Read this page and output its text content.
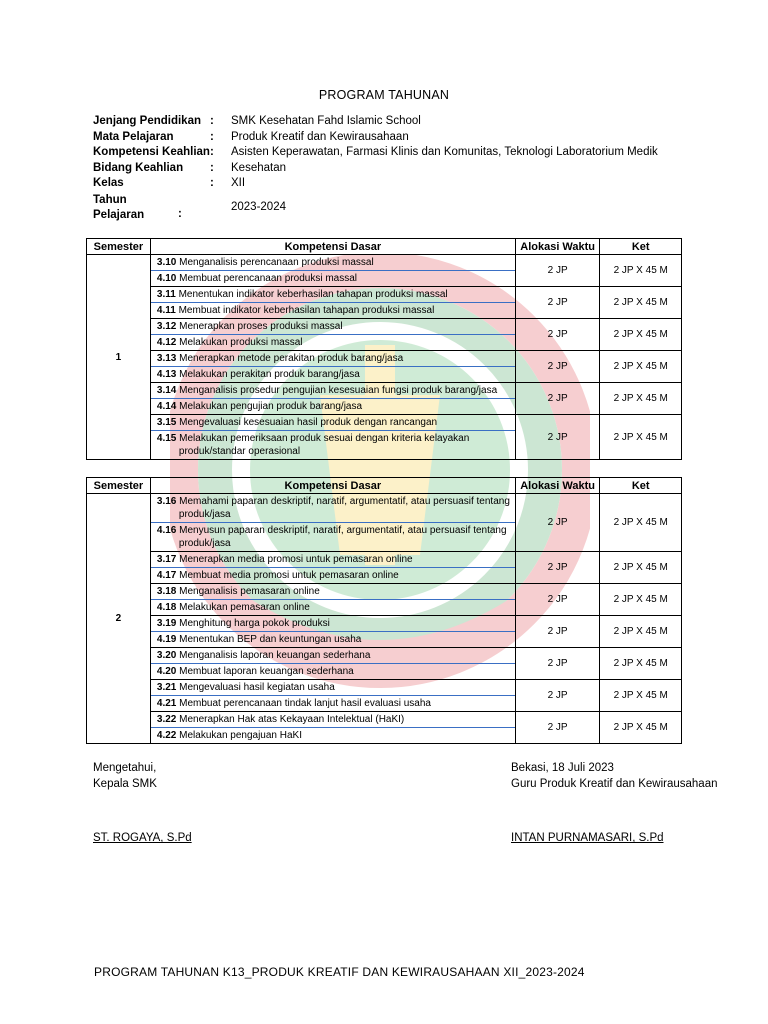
PROGRAM TAHUNAN
Jenjang Pendidikan : SMK Kesehatan Fahd Islamic School
Mata Pelajaran	: Produk Kreatif dan Kewirausahaan
Kompetensi Keahlian : Asisten Keperawatan, Farmasi Klinis dan Komunitas, Teknologi Laboratorium Medik
Bidang Keahlian : Kesehatan
Kelas	: XII
Tahun
Pelajaran	:
2023-2024
Semester	Kompetensi Dasar	Alokasi Waktu	Ket
1	3.10 Menganalisis perencanaan produksi massal
4.10 Membuat perencanaan produksi massal	2 JP	2 JP X 45 M

	3.11 Menentukan indikator keberhasilan tahapan produksi massal
4.11 Membuat indikator keberhasilan tahapan produksi massal	2 JP	2 JP X 45 M

	3.12 Menerapkan proses produksi massal
4.12 Melakukan produksi massal	2 JP	2 JP X 45 M

	3.13 Menerapkan metode perakitan produk barang/jasa
4.13 Melakukan perakitan produk barang/jasa	2 JP	2 JP X 45 M

	3.14 Menganalisis prosedur pengujian kesesuaian fungsi produk barang/jasa
4.14 Melakukan pengujian produk barang/jasa	2 JP	2 JP X 45 M

	3.15 Mengevaluasi kesesuaian hasil produk dengan rancangan
4.15 Melakukan pemeriksaan produk sesuai dengan kriteria kelayakan
produk/standar operasional	2 JP	2 JP X 45 M
Semester	Kompetensi Dasar	Alokasi Waktu	Ket
2	3.16 Memahami paparan deskriptif, naratif, argumentatif, atau persuasif tentang
produk/jasa
4.16 Menyusun paparan deskriptif, naratif, argumentatif, atau persuasif tentang
produk/jasa	2 JP	2 JP X 45 M

	3.17 Menerapkan media promosi untuk pemasaran online
4.17 Membuat media promosi untuk pemasaran online	2 JP	2 JP X 45 M

	3.18 Menganalisis pemasaran online
4.18 Melakukan pemasaran online	2 JP	2 JP X 45 M

	3.19 Menghitung harga pokok produksi
4.19 Menentukan BEP dan keuntungan usaha	2 JP	2 JP X 45 M

	3.20 Menganalisis laporan keuangan sederhana
4.20 Membuat laporan keuangan sederhana	2 JP	2 JP X 45 M

	3.21 Mengevaluasi hasil kegiatan usaha
4.21 Membuat perencanaan tindak lanjut hasil evaluasi usaha	2 JP	2 JP X 45 M

	3.22 Menerapkan Hak atas Kekayaan Intelektual (HaKI)
4.22 Melakukan pengajuan HaKI	2 JP	2 JP X 45 M
Mengetahui,
Kepala SMK
ST. ROGAYA, S.Pd
Bekasi, 18 Juli 2023
Guru Produk Kreatif dan Kewirausahaan
INTAN PURNAMASARI, S.Pd
PROGRAM TAHUNAN K13_PRODUK KREATIF DAN KEWIRAUSAHAAN XII_2023-2024
